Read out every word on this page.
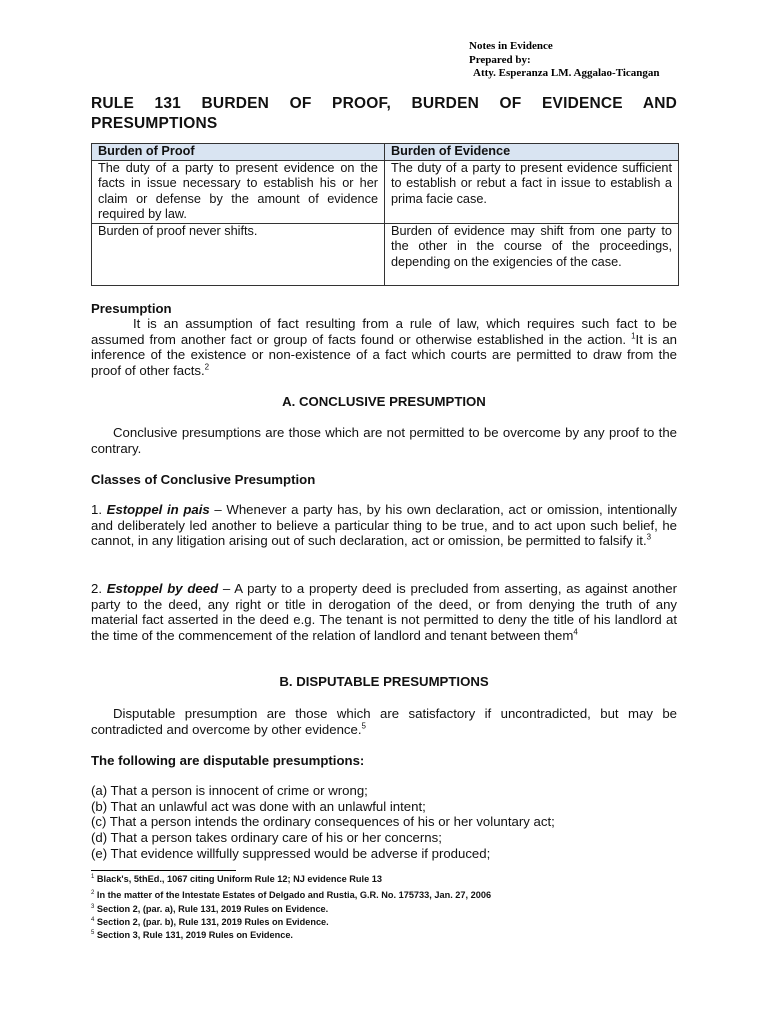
Notes in Evidence
Prepared by:
Atty. Esperanza LM. Aggalao-Ticangan
RULE 131 BURDEN OF PROOF, BURDEN OF EVIDENCE AND PRESUMPTIONS
Burden of Proof	Burden of Evidence
The duty of a party to present evidence on the facts in issue necessary to establish his or her claim or defense by the amount of evidence required by law.	The duty of a party to present evidence sufficient to establish or rebut a fact in issue to establish a prima facie case.
Burden of proof never shifts.	Burden of evidence may shift from one party to the other in the course of the proceedings, depending on the exigencies of the case.
Presumption
It is an assumption of fact resulting from a rule of law, which requires such fact to be assumed from another fact or group of facts found or otherwise established in the action. $^1$It is an inference of the existence or non-existence of a fact which courts are permitted to draw from the proof of other facts.$^2$
A. CONCLUSIVE PRESUMPTION
Conclusive presumptions are those which are not permitted to be overcome by any proof to the contrary.
Classes of Conclusive Presumption
1. Estoppel in pais – Whenever a party has, by his own declaration, act or omission, intentionally and deliberately led another to believe a particular thing to be true, and to act upon such belief, he cannot, in any litigation arising out of such declaration, act or omission, be permitted to falsify it.$^3$
2. Estoppel by deed – A party to a property deed is precluded from asserting, as against another party to the deed, any right or title in derogation of the deed, or from denying the truth of any material fact asserted in the deed e.g. The tenant is not permitted to deny the title of his landlord at the time of the commencement of the relation of landlord and tenant between them$^4$
B. DISPUTABLE PRESUMPTIONS
Disputable presumption are those which are satisfactory if uncontradicted, but may be contradicted and overcome by other evidence.$^5$
The following are disputable presumptions:
(a) That a person is innocent of crime or wrong;
(b) That an unlawful act was done with an unlawful intent;
(c) That a person intends the ordinary consequences of his or her voluntary act;
(d) That a person takes ordinary care of his or her concerns;
(e) That evidence willfully suppressed would be adverse if produced;
$^1$ Black's, 5thEd., 1067 citing Uniform Rule 12; NJ evidence Rule 13
$^2$ In the matter of the Intestate Estates of Delgado and Rustia, G.R. No. 175733, Jan. 27, 2006
$^3$ Section 2, (par. a), Rule 131, 2019 Rules on Evidence.
$^4$ Section 2, (par. b), Rule 131, 2019 Rules on Evidence.
$^5$ Section 3, Rule 131, 2019 Rules on Evidence.
